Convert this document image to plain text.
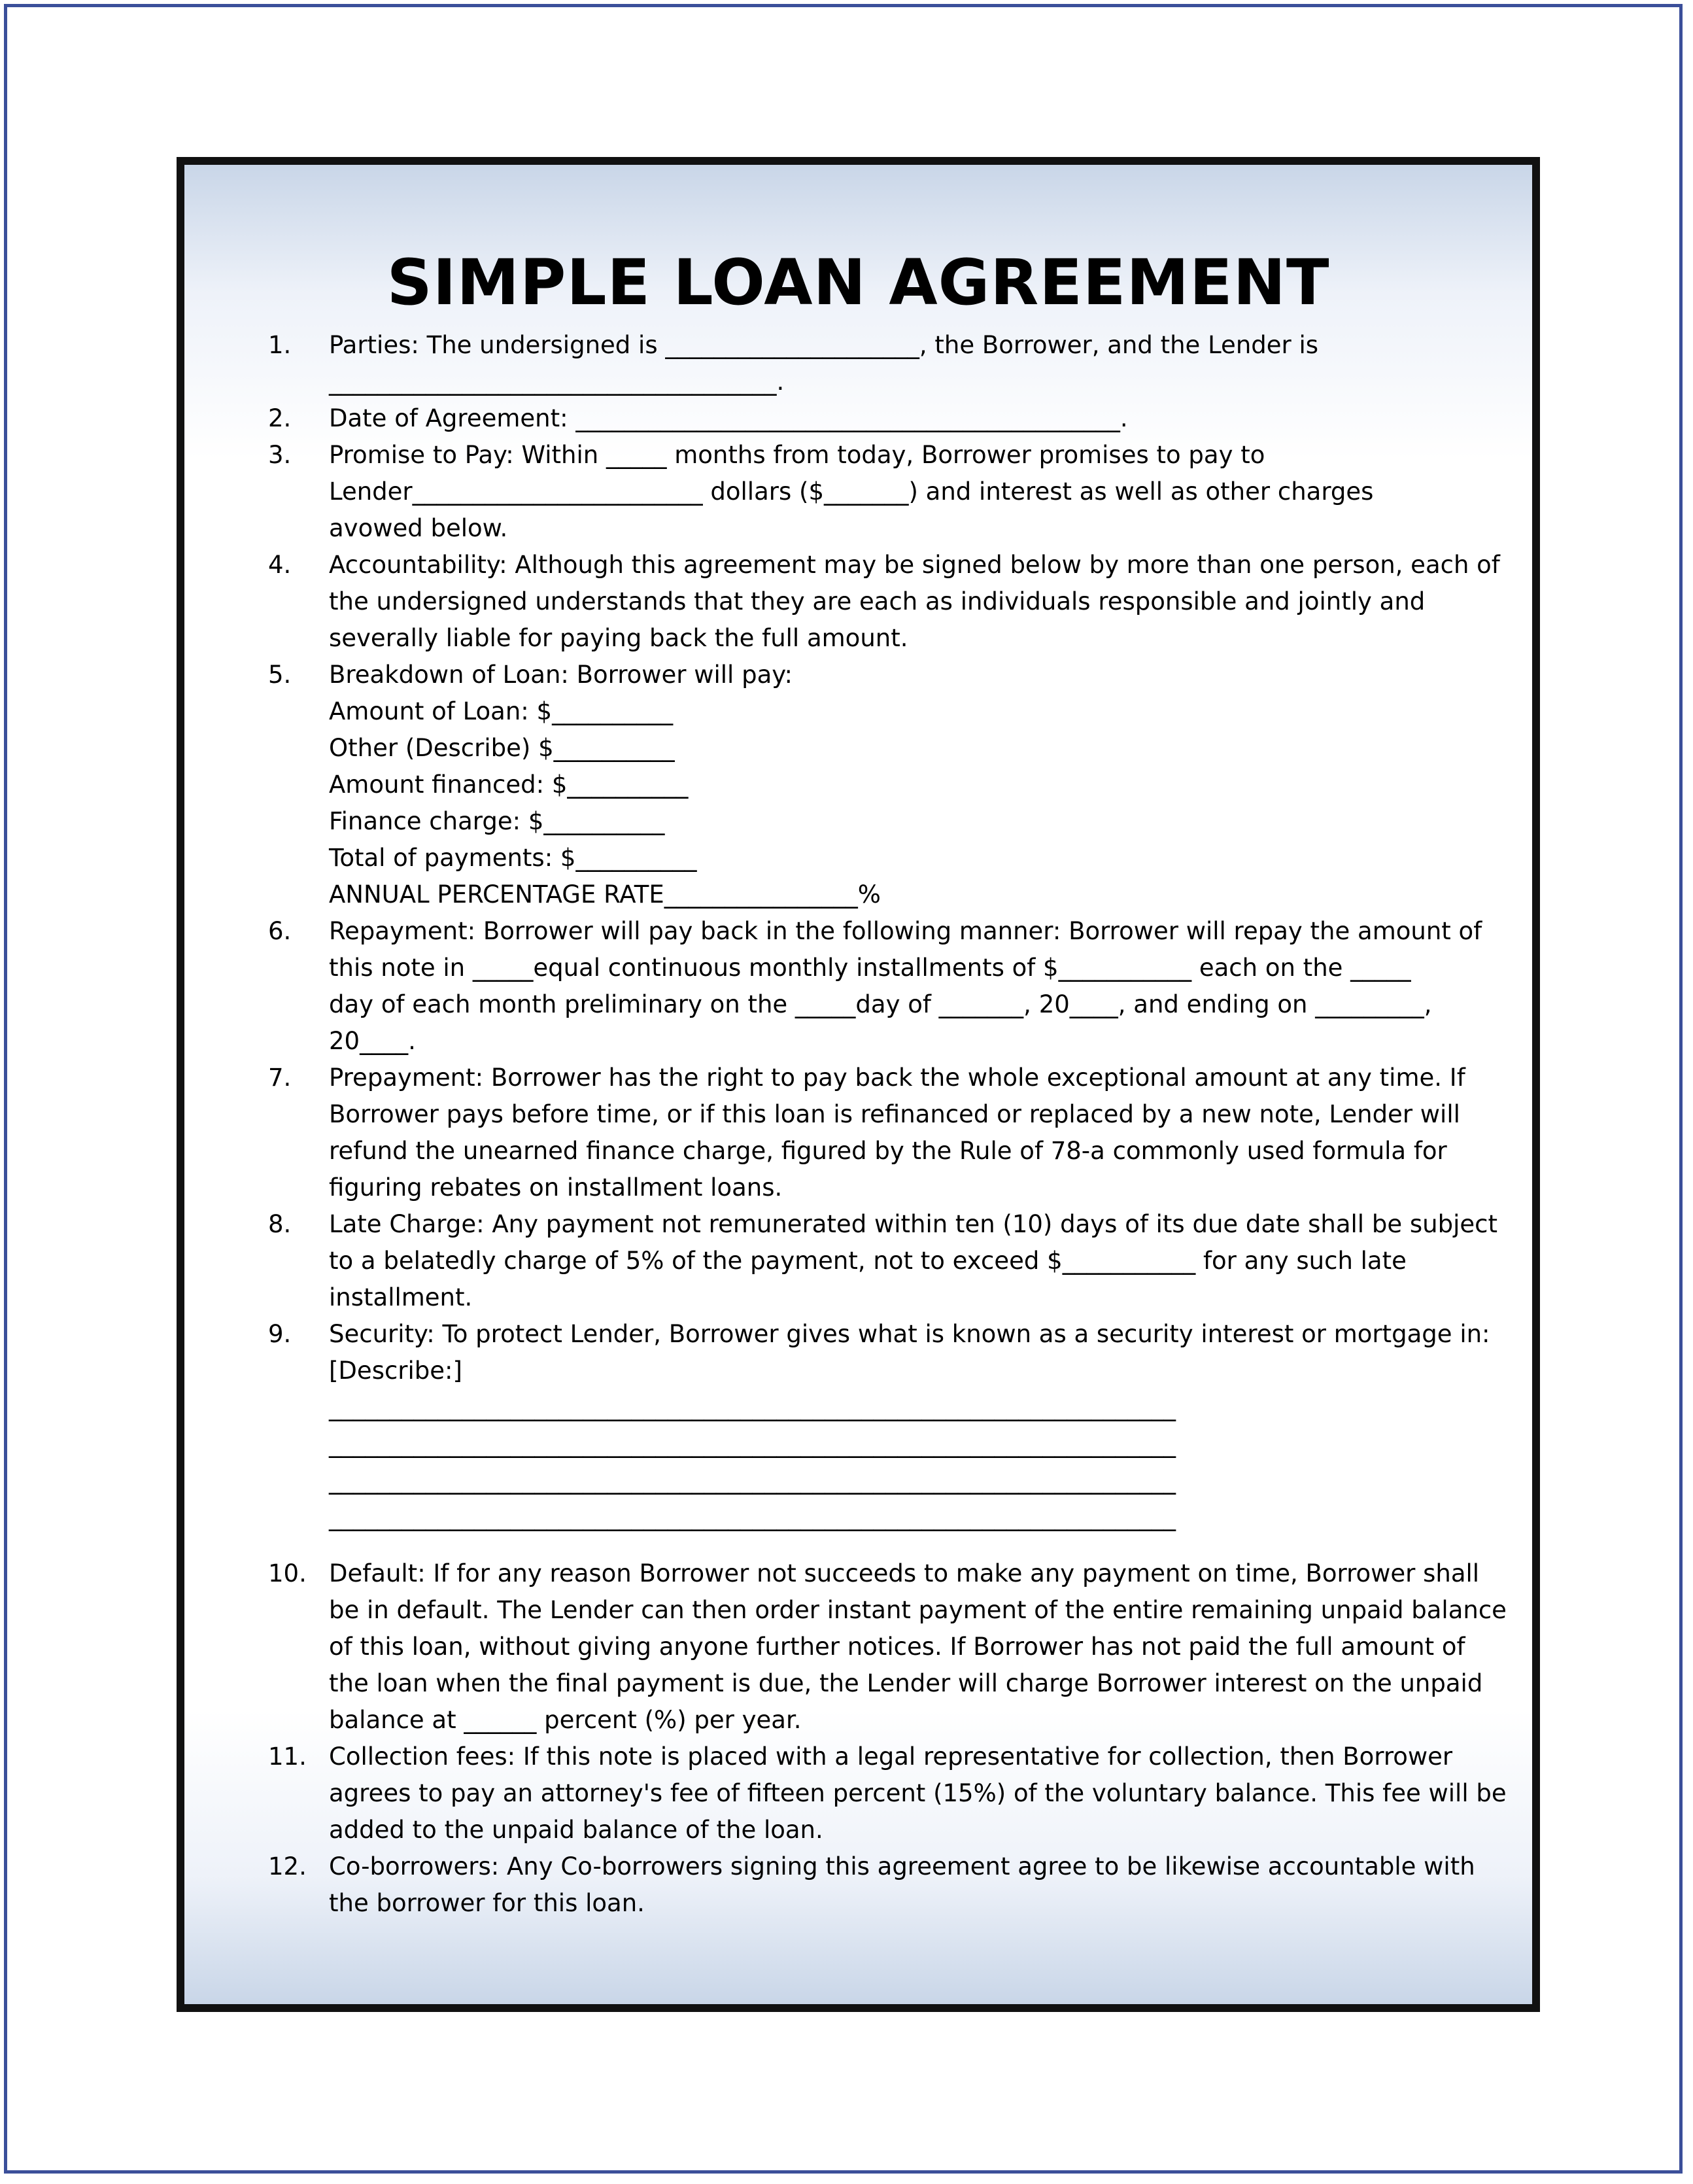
SIMPLE LOAN AGREEMENT
1.	Parties: The undersigned is _____________________, the Borrower, and the Lender is
_____________________________________.
2.	Date of Agreement: _____________________________________________.
3.	Promise to Pay: Within _____ months from today, Borrower promises to pay to
Lender________________________ dollars ($_______) and interest as well as other charges
avowed below.
4.	Accountability: Although this agreement may be signed below by more than one person, each of
the undersigned understands that they are each as individuals responsible and jointly and
severally liable for paying back the full amount.
5.	Breakdown of Loan: Borrower will pay:
Amount of Loan: $__________
Other (Describe) $__________
Amount financed: $__________
Finance charge: $__________
Total of payments: $__________
ANNUAL PERCENTAGE RATE________________%
6.	Repayment: Borrower will pay back in the following manner: Borrower will repay the amount of
this note in _____equal continuous monthly installments of $___________ each on the _____
day of each month preliminary on the _____day of _______, 20____, and ending on _________,
20____.
7.	Prepayment: Borrower has the right to pay back the whole exceptional amount at any time. If
Borrower pays before time, or if this loan is refinanced or replaced by a new note, Lender will
refund the unearned finance charge, figured by the Rule of 78-a commonly used formula for
figuring rebates on installment loans.
8.	Late Charge: Any payment not remunerated within ten (10) days of its due date shall be subject
to a belatedly charge of 5% of the payment, not to exceed $___________ for any such late
installment.
9.	Security: To protect Lender, Borrower gives what is known as a security interest or mortgage in:
[Describe:]
______________________________________________________________________
______________________________________________________________________
______________________________________________________________________
______________________________________________________________________
10. Default: If for any reason Borrower not succeeds to make any payment on time, Borrower shall
be in default. The Lender can then order instant payment of the entire remaining unpaid balance
of this loan, without giving anyone further notices. If Borrower has not paid the full amount of
the loan when the final payment is due, the Lender will charge Borrower interest on the unpaid
balance at ______ percent (%) per year.
11. Collection fees: If this note is placed with a legal representative for collection, then Borrower
agrees to pay an attorney's fee of fifteen percent (15%) of the voluntary balance. This fee will be
added to the unpaid balance of the loan.
12. Co-borrowers: Any Co-borrowers signing this agreement agree to be likewise accountable with
the borrower for this loan.
